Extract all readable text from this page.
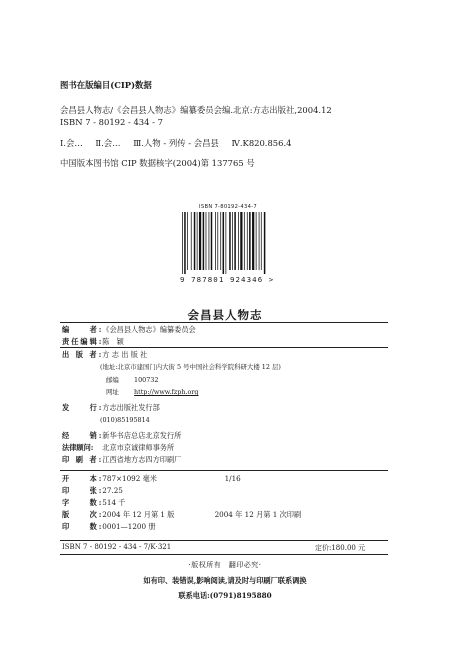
图书在版编目(CIP)数据
会昌县人物志/《会昌县人物志》编纂委员会编.北京:方志出版社,2004.12
ISBN 7 - 80192 - 434 - 7
Ⅰ.会… Ⅱ.会… Ⅲ.人物 - 列传 - 会昌县 Ⅳ.K820.856.4
中国版本图书馆 CIP 数据核字(2004)第 137765 号
ISBN 7-80192-434-7
9 787801 924346 >
会昌县人物志
编　　者: 《会昌县人物志》编纂委员会
责任编辑: 陈　颖
出 版 者: 方 志 出 版 社
(地址:北京市建国门内大街 5 号中国社会科学院科研大楼 12 层)
邮编 100732
网址 http://www.fzph.org
发　　行: 方志出版社发行部
(010)85195814
经　　销: 新华书店总店北京发行所
法律顾问: 北京市京诚律师事务所
印 刷 者: 江西省地方志四方印刷厂
开　　本: 787×1092 毫米	1/16
印　　张: 27.25
字　　数: 514 千
版　　次: 2004 年 12 月第 1 版	2004 年 12 月第 1 次印刷
印　　数: 0001—1200 册
ISBN 7 - 80192 - 434 - 7/K·321	定价:180.00 元
·版权所有　翻印必究·
如有印、装错误,影响阅读,请及时与印刷厂联系调换
联系电话:(0791)8195880
